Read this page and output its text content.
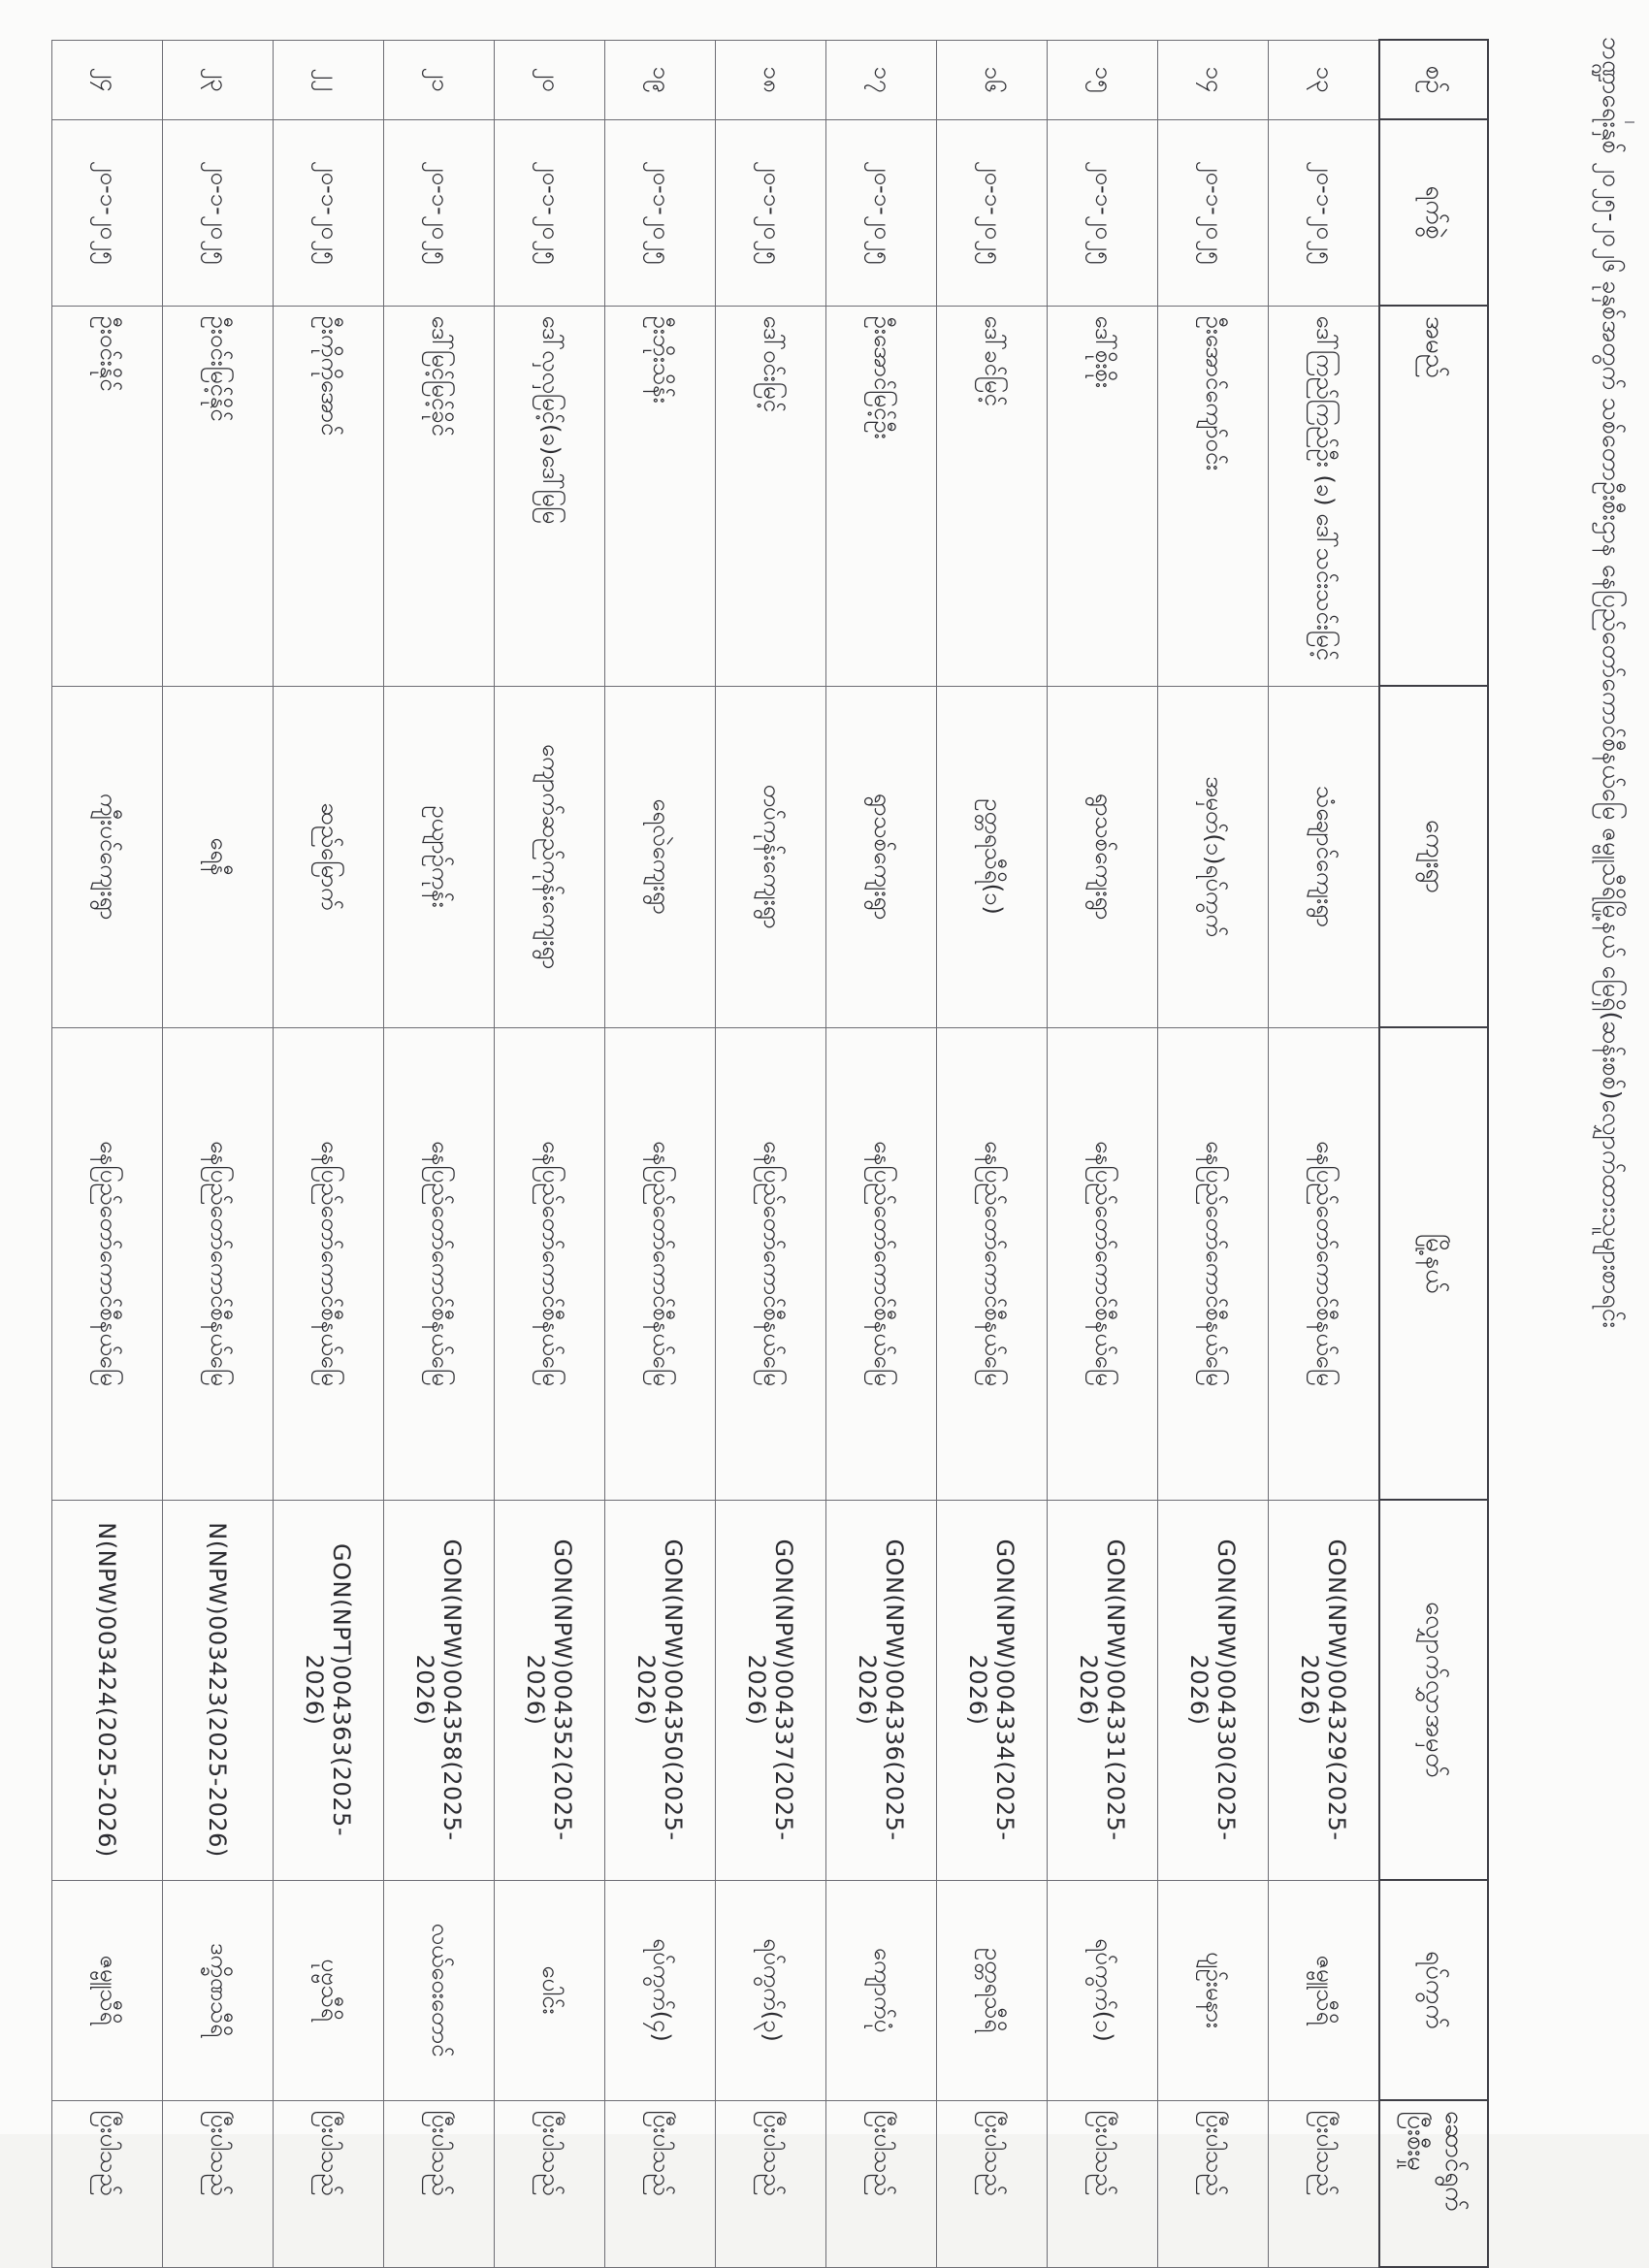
ဘဏ္ဍာရေးနှစ် ၂၀၂၅-၂၀၂၆ ခုနှစ်အတွက် သစ်တောဦးစီးဌာန နေပြည်တော်ကောင်စီနယ်မြေ ဇမ္ဗူသီရိမြို့နယ် မြေရှိ(ဆန်းစစ်)လျှောက်ထားသူများစာရင်း
စဉ်	ရက်စွဲ	အမည်	ကျေးရွာ	မြို့နယ်	လျှောက်လွှာအမှတ်	ရပ်ကွက်	ဆောင်ရွက်ပြီးစီးမှု
၁၃	၂၀-၁-၂၀၂၅	ဒေါ်ကြည်ကြည်ဦး (ခ) ဒေါ်သင်းသင်းမြင့်	သံချောင်ကျေးရွာ	နေပြည်တော်ကောင်စီနယ်မြေ	GON(NPW)004329(2025-2026)	ဇမ္ဗူသီရိ	ပြီးပါသည်
၁၄	၂၀-၁-၂၀၂၅	ဦးအောင်ကျော်ဝင်း	အမှတ်(၁)ရပ်ကွက်	နေပြည်တော်ကောင်စီနယ်မြေ	GON(NPW)004330(2025-2026)	ပျဉ်းမနား	ပြီးပါသည်
၁၅	၂၀-၁-၂၀၂၅	ဒေါ်စိုးစိုး	ရွာသစ်ကျေးရွာ	နေပြည်တော်ကောင်စီနယ်မြေ	GON(NPW)004331(2025-2026)	ရပ်ကွက်(၁)	ပြီးပါသည်
၁၆	၂၀-၁-၂၀၂၅	ဒေါ်ခင်မြင့်	ဥတ္တရသီရိ(၁)	နေပြည်တော်ကောင်စီနယ်မြေ	GON(NPW)004334(2025-2026)	ဥတ္တရသီရိ	ပြီးပါသည်
၁၇	၂၀-၁-၂၀၂၅	ဦးအောင်မြင့်ဦး	ရွာသစ်ကျေးရွာ	နေပြည်တော်ကောင်စီနယ်မြေ	GON(NPW)004336(2025-2026)	ကျောက်ပုံ	ပြီးပါသည်
၁၈	၂၀-၁-၂၀၂၅	ဒေါ်ဝင်းမြင့်	တပ်ကုန်းကျေးရွာ	နေပြည်တော်ကောင်စီနယ်မြေ	GON(NPW)004337(2025-2026)	ရပ်ကွက်(၃)	ပြီးပါသည်
၁၉	၂၀-၁-၂၀၂၅	ဦးဘိုးသိန်း	ရေလဲကျေးရွာ	နေပြည်တော်ကောင်စီနယ်မြေ	GON(NPW)004350(2025-2026)	ရပ်ကွက်(၄)	ပြီးပါသည်
၂၀	၂၀-၁-၂၀၂၅	ဒေါ်လှလှမြင့်(ခ)ဒေါ်မြမြ	ကျောက်ဆည်ကုန်းကျေးရွာ	နေပြည်တော်ကောင်စီနယ်မြေ	GON(NPW)004352(2025-2026)	ပေါင်း	ပြီးပါသည်
၂၁	၂၀-၁-၂၀၂၅	ဒေါ်မြင့်မြင့်ခိုင်	ဥယျာဉ်ကုန်း	နေပြည်တော်ကောင်စီနယ်မြေ	GON(NPW)004358(2025-2026)	လယ်ဝေးတောင်	ပြီးပါသည်
၂၂	၂၀-၁-၂၀၂၅	ဦးကိုကိုအောင်	ဆည်မြောက်	နေပြည်တော်ကောင်စီနယ်မြေ	GON(NPT)004363(2025-2026)	ပုဗ္ဗသီရိ	ပြီးပါသည်
၂၃	၂၀-၁-၂၀၂၅	ဦးဝင်းမြင့်နိုင်	ရေနီ	နေပြည်တော်ကောင်စီနယ်မြေ	N(NPW)003423(2025-2026)	ဒက္ခိဏသီရိ	ပြီးပါသည်
၂၄	၂၀-၁-၂၀၂၅	ဦးဝင်းနိုင်	ကျီးပင်ကျေးရွာ	နေပြည်တော်ကောင်စီနယ်မြေ	N(NPW)003424(2025-2026)	ဇမ္ဗူသီရိ	ပြီးပါသည်
